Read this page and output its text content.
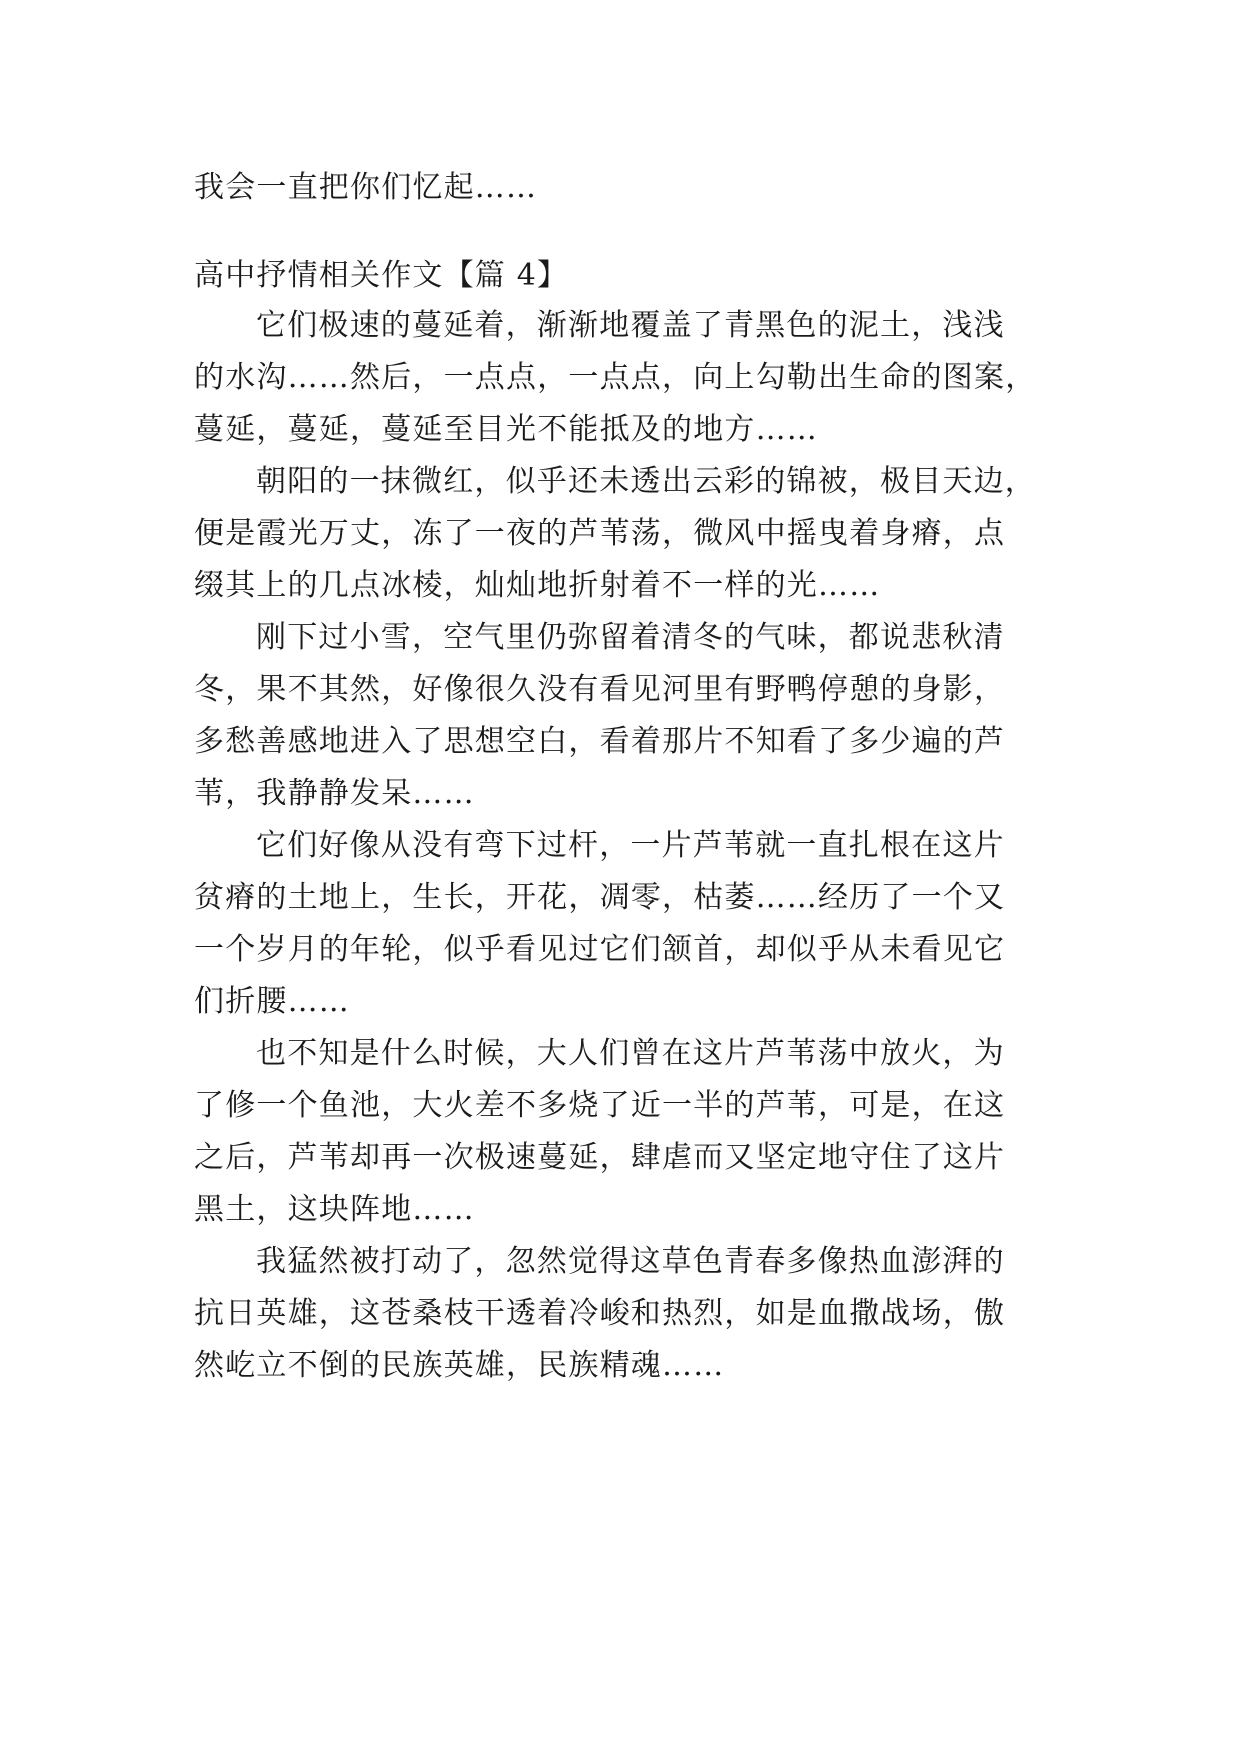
我会一直把你们忆起……
高中抒情相关作文【篇 4】
它们极速的蔓延着，渐渐地覆盖了青黑色的泥土，浅浅
的水沟……然后，一点点，一点点，向上勾勒出生命的图案，
蔓延，蔓延，蔓延至目光不能抵及的地方……
朝阳的一抹微红，似乎还未透出云彩的锦被，极目天边，
便是霞光万丈，冻了一夜的芦苇荡，微风中摇曳着身瘠，点
缀其上的几点冰棱，灿灿地折射着不一样的光……
刚下过小雪，空气里仍弥留着清冬的气味，都说悲秋清
冬，果不其然，好像很久没有看见河里有野鸭停憩的身影，
多愁善感地进入了思想空白，看着那片不知看了多少遍的芦
苇，我静静发呆……
它们好像从没有弯下过杆，一片芦苇就一直扎根在这片
贫瘠的土地上，生长，开花，凋零，枯萎……经历了一个又
一个岁月的年轮，似乎看见过它们颔首，却似乎从未看见它
们折腰……
也不知是什么时候，大人们曾在这片芦苇荡中放火，为
了修一个鱼池，大火差不多烧了近一半的芦苇，可是，在这
之后，芦苇却再一次极速蔓延，肆虐而又坚定地守住了这片
黑土，这块阵地……
我猛然被打动了，忽然觉得这草色青春多像热血澎湃的
抗日英雄，这苍桑枝干透着冷峻和热烈，如是血撒战场，傲
然屹立不倒的民族英雄，民族精魂……
